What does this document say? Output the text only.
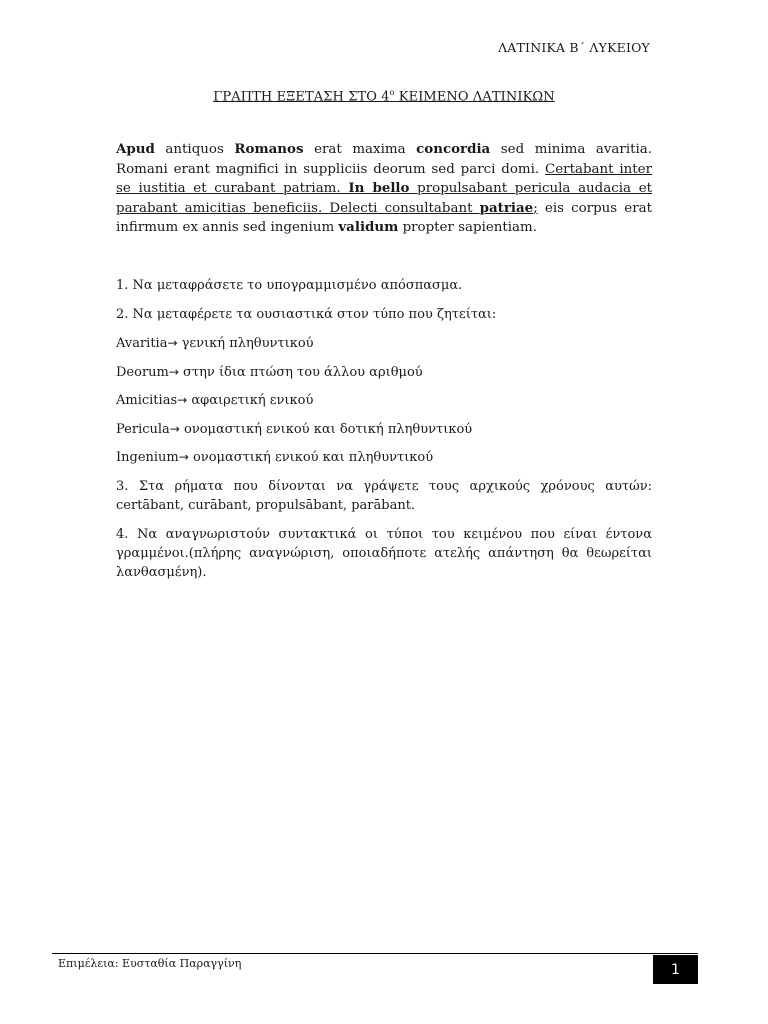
ΛΑΤΙΝΙΚΑ Β΄ ΛΥΚΕΙΟΥ
ΓΡΑΠΤΗ ΕΞΕΤΑΣΗ ΣΤΟ $4^o$ ΚΕΙΜΕΝΟ ΛΑΤΙΝΙΚΩΝ
Apud antiquos Romanos erat maxima concordia sed minima avaritia. Romani erant magnifici in suppliciis deorum sed parci domi. Certabant inter se iustitia et curabant patriam. In bello propulsabant pericula audacia et parabant amicitias beneficiis. Delecti consultabant patriae; eis corpus erat infirmum ex annis sed ingenium validum propter sapientiam.

1. Να μεταφράσετε το υπογραμμισμένο απόσπασμα.

2. Να μεταφέρετε τα ουσιαστικά στον τύπο που ζητείται:

Avaritia→ γενική πληθυντικού

Deorum→ στην ίδια πτώση του άλλου αριθμού

Amicitias→ αφαιρετική ενικού

Pericula→ ονομαστική ενικού και δοτική πληθυντικού

Ingenium→ ονομαστική ενικού και πληθυντικού

3. Στα ρήματα που δίνονται να γράψετε τους αρχικούς χρόνους αυτών: certābant, curābant, propulsābant, parābant.

4. Να αναγνωριστούν συντακτικά οι τύποι του κειμένου που είναι έντονα γραμμένοι.(πλήρης αναγνώριση, οποιαδήποτε ατελής απάντηση θα θεωρείται λανθασμένη).

Επιμέλεια: Ευσταθία Παραγγίνη	1
